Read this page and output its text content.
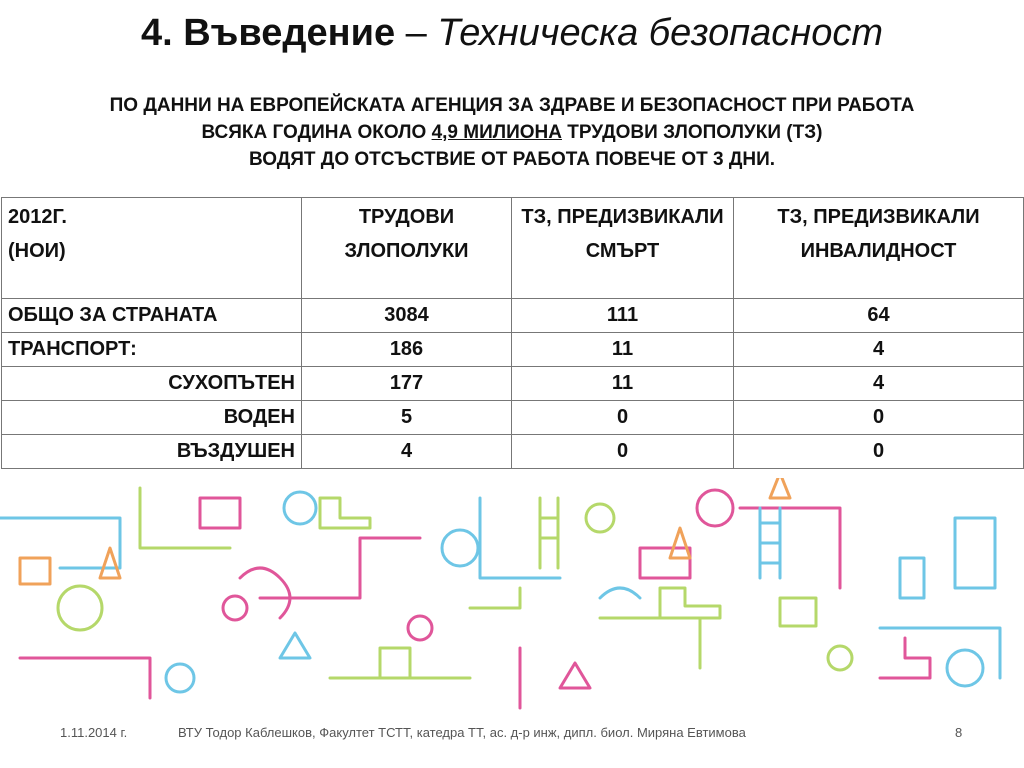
4. Въведение – Техническа безопасност
ПО ДАННИ НА ЕВРОПЕЙСКАТА АГЕНЦИЯ ЗА ЗДРАВЕ И БЕЗОПАСНОСТ ПРИ РАБОТА
ВСЯКА ГОДИНА ОКОЛО 4,9 МИЛИОНА ТРУДОВИ ЗЛОПОЛУКИ (ТЗ)
ВОДЯТ ДО ОТСЪСТВИЕ ОТ РАБОТА ПОВЕЧЕ ОТ 3 ДНИ.
2012Г.
(НОИ)	ТРУДОВИ ЗЛОПОЛУКИ	ТЗ, ПРЕДИЗВИКАЛИ СМЪРТ	ТЗ, ПРЕДИЗВИКАЛИ ИНВАЛИДНОСТ
ОБЩО ЗА СТРАНАТА	3084	111	64
ТРАНСПОРТ:	186	11	4
СУХОПЪТЕН	177	11	4
ВОДЕН	5	0	0
ВЪЗДУШЕН	4	0	0
1.11.2014 г.	ВТУ Тодор Каблешков, Факултет ТСТТ, катедра ТТ, ас. д-р инж, дипл. биол. Миряна Евтимова	8
